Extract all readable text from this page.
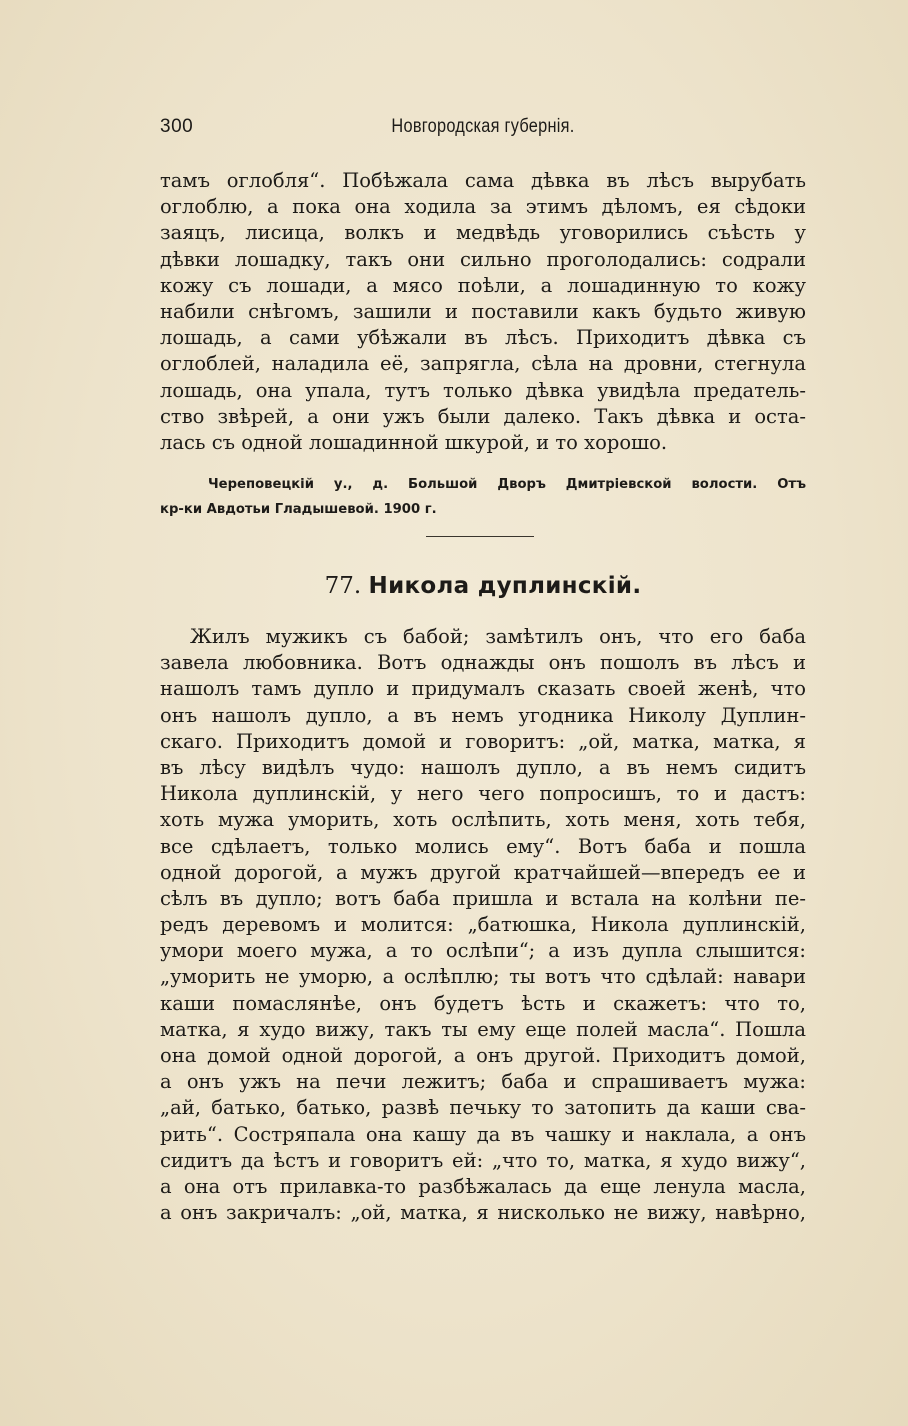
300	Новгородская губернія.
тамъ оглобля“. Побѣжала сама дѣвка въ лѣсъ вырубать
оглоблю, а пока она ходила за этимъ дѣломъ, ея сѣдоки
заяцъ, лисица, волкъ и медвѣдь уговорились съѣсть у
дѣвки лошадку, такъ они сильно проголодались: содрали
кожу съ лошади, а мясо поѣли, а лошадинную то кожу
набили снѣгомъ, зашили и поставили какъ будьто живую
лошадь, а сами убѣжали въ лѣсъ. Приходитъ дѣвка съ
оглоблей, наладила её, запрягла, сѣла на дровни, стегнула
лошадь, она упала, тутъ только дѣвка увидѣла предатель-
ство звѣрей, а они ужъ были далеко. Такъ дѣвка и оста-
лась съ одной лошадинной шкурой, и то хорошо.
Череповецкій у., д. Большой Дворъ Дмитріевской волости. Отъ
кр-ки Авдотьи Гладышевой. 1900 г.
77. Никола дуплинскій.
Жилъ мужикъ съ бабой; замѣтилъ онъ, что его баба
завела любовника. Вотъ однажды онъ пошолъ въ лѣсъ и
нашолъ тамъ дупло и придумалъ сказать своей женѣ, что
онъ нашолъ дупло, а въ немъ угодника Николу Дуплин-
скаго. Приходитъ домой и говоритъ: „ой, матка, матка, я
въ лѣсу видѣлъ чудо: нашолъ дупло, а въ немъ сидитъ
Никола дуплинскій, у него чего попросишъ, то и дастъ:
хоть мужа уморить, хоть ослѣпить, хоть меня, хоть тебя,
все сдѣлаетъ, только молись ему“. Вотъ баба и пошла
одной дорогой, а мужъ другой кратчайшей—впередъ ее и
сѣлъ въ дупло; вотъ баба пришла и встала на колѣни пе-
редъ деревомъ и молится: „батюшка, Никола дуплинскій,
умори моего мужа, а то ослѣпи“; а изъ дупла слышится:
„уморить не уморю, а ослѣплю; ты вотъ что сдѣлай: навари
каши помаслянѣе, онъ будетъ ѣсть и скажетъ: что то,
матка, я худо вижу, такъ ты ему еще полей масла“. Пошла
она домой одной дорогой, а онъ другой. Приходитъ домой,
а онъ ужъ на печи лежитъ; баба и спрашиваетъ мужа:
„ай, батько, батько, развѣ печьку то затопить да каши сва-
рить“. Состряпала она кашу да въ чашку и наклала, а онъ
сидитъ да ѣстъ и говоритъ ей: „что то, матка, я худо вижу“,
а она отъ прилавка-то разбѣжалась да еще ленула масла,
а онъ закричалъ: „ой, матка, я нисколько не вижу, навѣрно,
